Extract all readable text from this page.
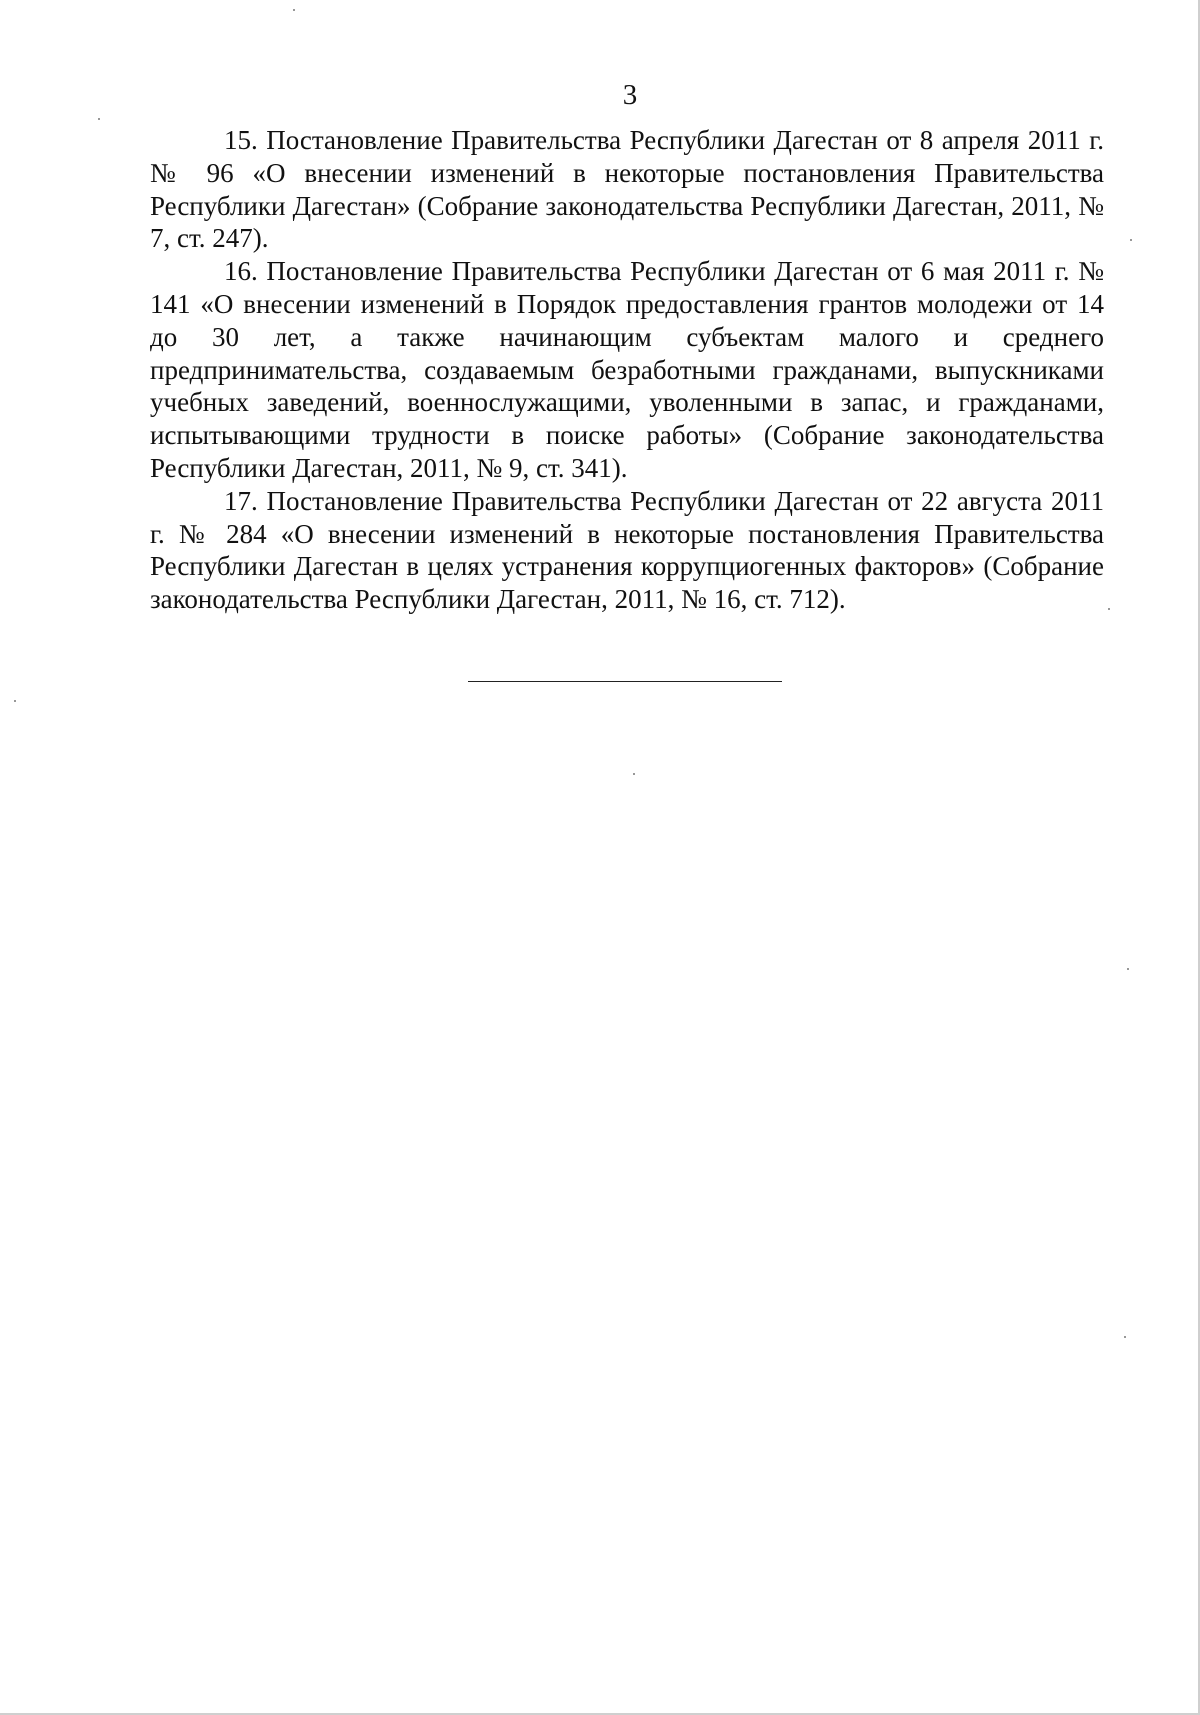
3

15. Постановление Правительства Республики Дагестан от 8 апреля 2011 г. № 96 «О внесении изменений в некоторые постановления Правительства Республики Дагестан» (Собрание законодательства Республики Дагестан, 2011, № 7, ст. 247).

16. Постановление Правительства Республики Дагестан от 6 мая 2011 г. № 141 «О внесении изменений в Порядок предоставления грантов молодежи от 14 до 30 лет, а также начинающим субъектам малого и среднего предпринимательства, создаваемым безработными гражданами, выпускниками учебных заведений, военнослужащими, уволенными в запас, и гражданами, испытывающими трудности в поиске работы» (Собрание законодательства Республики Дагестан, 2011, № 9, ст. 341).

17. Постановление Правительства Республики Дагестан от 22 августа 2011 г. № 284 «О внесении изменений в некоторые постановления Правительства Республики Дагестан в целях устранения коррупциогенных факторов» (Собрание законодательства Республики Дагестан, 2011, № 16, ст. 712).
